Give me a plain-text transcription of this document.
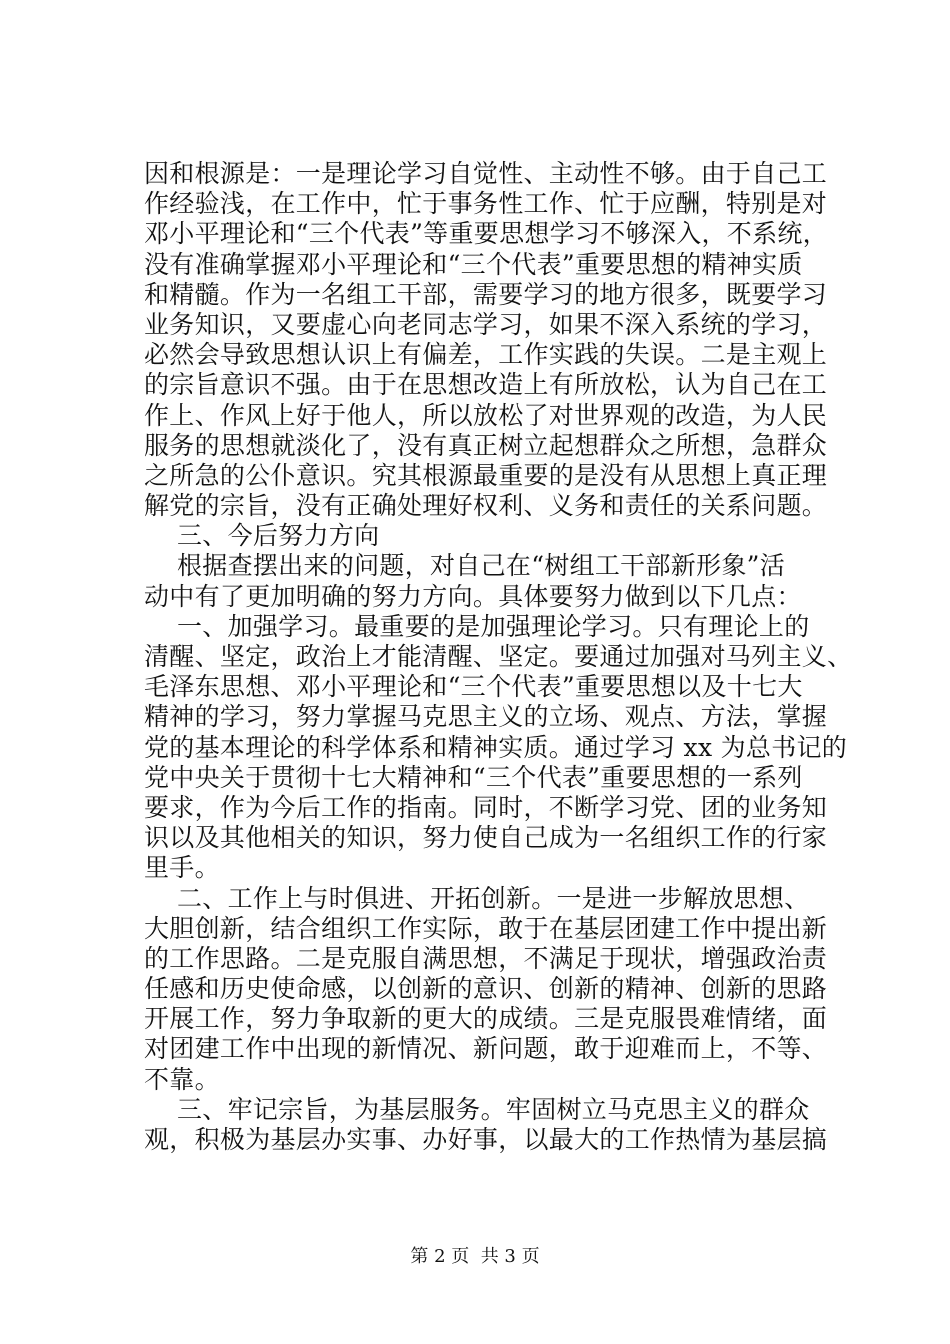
因和根源是：一是理论学习自觉性、主动性不够。由于自己工
作经验浅，在工作中，忙于事务性工作、忙于应酬，特别是对
邓小平理论和“三个代表”等重要思想学习不够深入，不系统，
没有准确掌握邓小平理论和“三个代表”重要思想的精神实质
和精髓。作为一名组工干部，需要学习的地方很多，既要学习
业务知识，又要虚心向老同志学习，如果不深入系统的学习，
必然会导致思想认识上有偏差，工作实践的失误。二是主观上
的宗旨意识不强。由于在思想改造上有所放松，认为自己在工
作上、作风上好于他人，所以放松了对世界观的改造，为人民
服务的思想就淡化了，没有真正树立起想群众之所想，急群众
之所急的公仆意识。究其根源最重要的是没有从思想上真正理
解党的宗旨，没有正确处理好权利、义务和责任的关系问题。
三、今后努力方向
根据查摆出来的问题，对自己在“树组工干部新形象”活
动中有了更加明确的努力方向。具体要努力做到以下几点：
一、加强学习。最重要的是加强理论学习。只有理论上的
清醒、坚定，政治上才能清醒、坚定。要通过加强对马列主义、
毛泽东思想、邓小平理论和“三个代表”重要思想以及十七大
精神的学习，努力掌握马克思主义的立场、观点、方法，掌握
党的基本理论的科学体系和精神实质。通过学习 xx 为总书记的
党中央关于贯彻十七大精神和“三个代表”重要思想的一系列
要求，作为今后工作的指南。同时，不断学习党、团的业务知
识以及其他相关的知识，努力使自己成为一名组织工作的行家
里手。
二、工作上与时俱进、开拓创新。一是进一步解放思想、
大胆创新，结合组织工作实际，敢于在基层团建工作中提出新
的工作思路。二是克服自满思想，不满足于现状，增强政治责
任感和历史使命感，以创新的意识、创新的精神、创新的思路
开展工作，努力争取新的更大的成绩。三是克服畏难情绪，面
对团建工作中出现的新情况、新问题，敢于迎难而上，不等、
不靠。
三、牢记宗旨，为基层服务。牢固树立马克思主义的群众
观，积极为基层办实事、办好事，以最大的工作热情为基层搞
第 2 页  共 3 页
